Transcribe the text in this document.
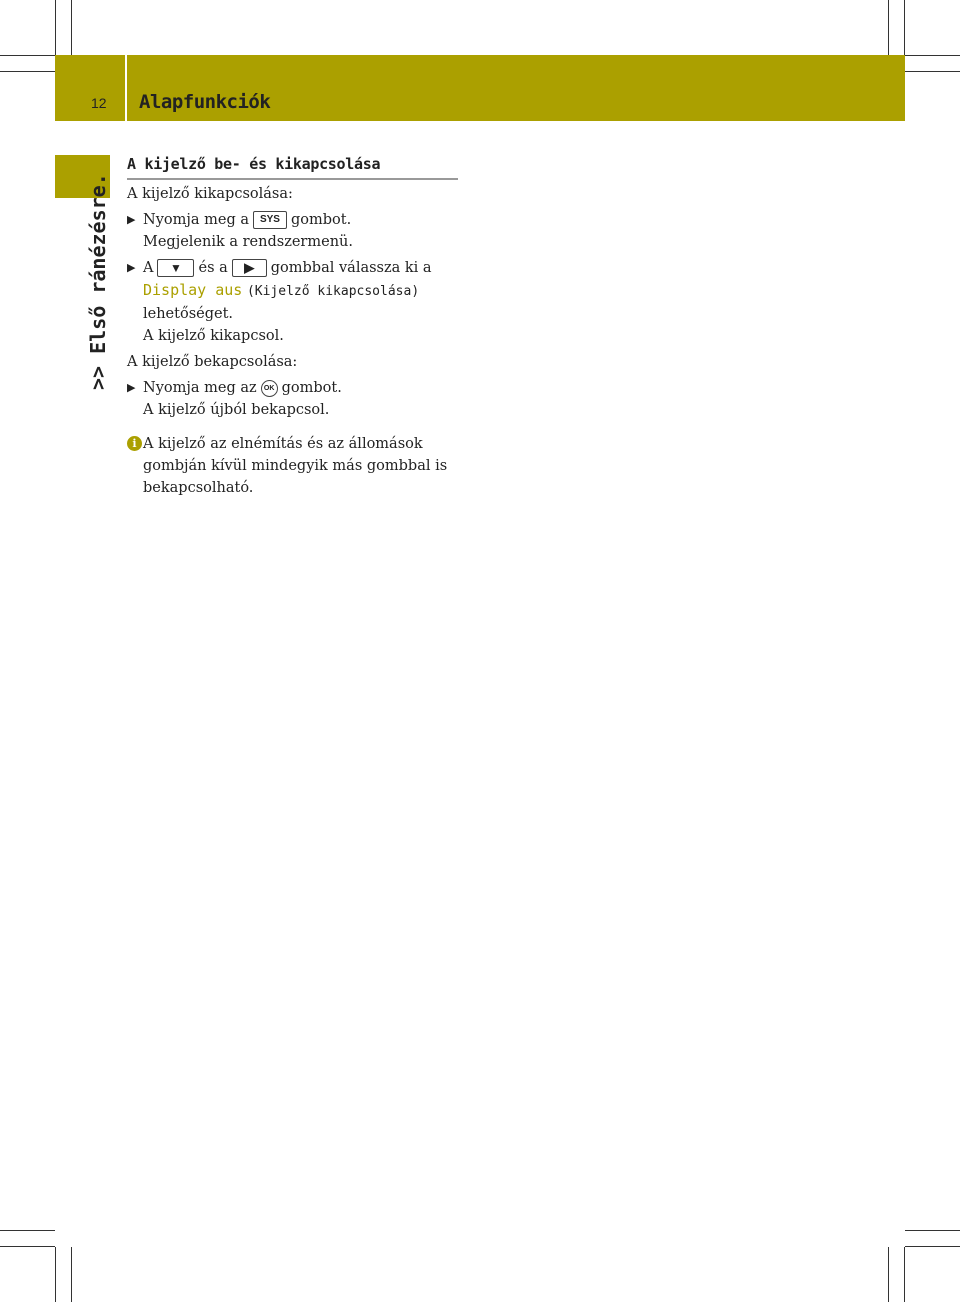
12 Alapfunkciók
>> Első ránézésre.
A kijelző be- és kikapcsolása

A kijelző kikapcsolása:

▶ Nyomja meg a SYS gombot.
Megjelenik a rendszermenü.
▶ A ▼ és a ▶ gombbal válassza ki a
Display aus (Kijelző kikapcsolása)
lehetőséget.
A kijelző kikapcsol.

A kijelző bekapcsolása:

▶ Nyomja meg az OK gombot.
A kijelző újból bekapcsol.
i A kijelző az elnémítás és az állomások gombján kívül mindegyik más gombbal is bekapcsolható.
